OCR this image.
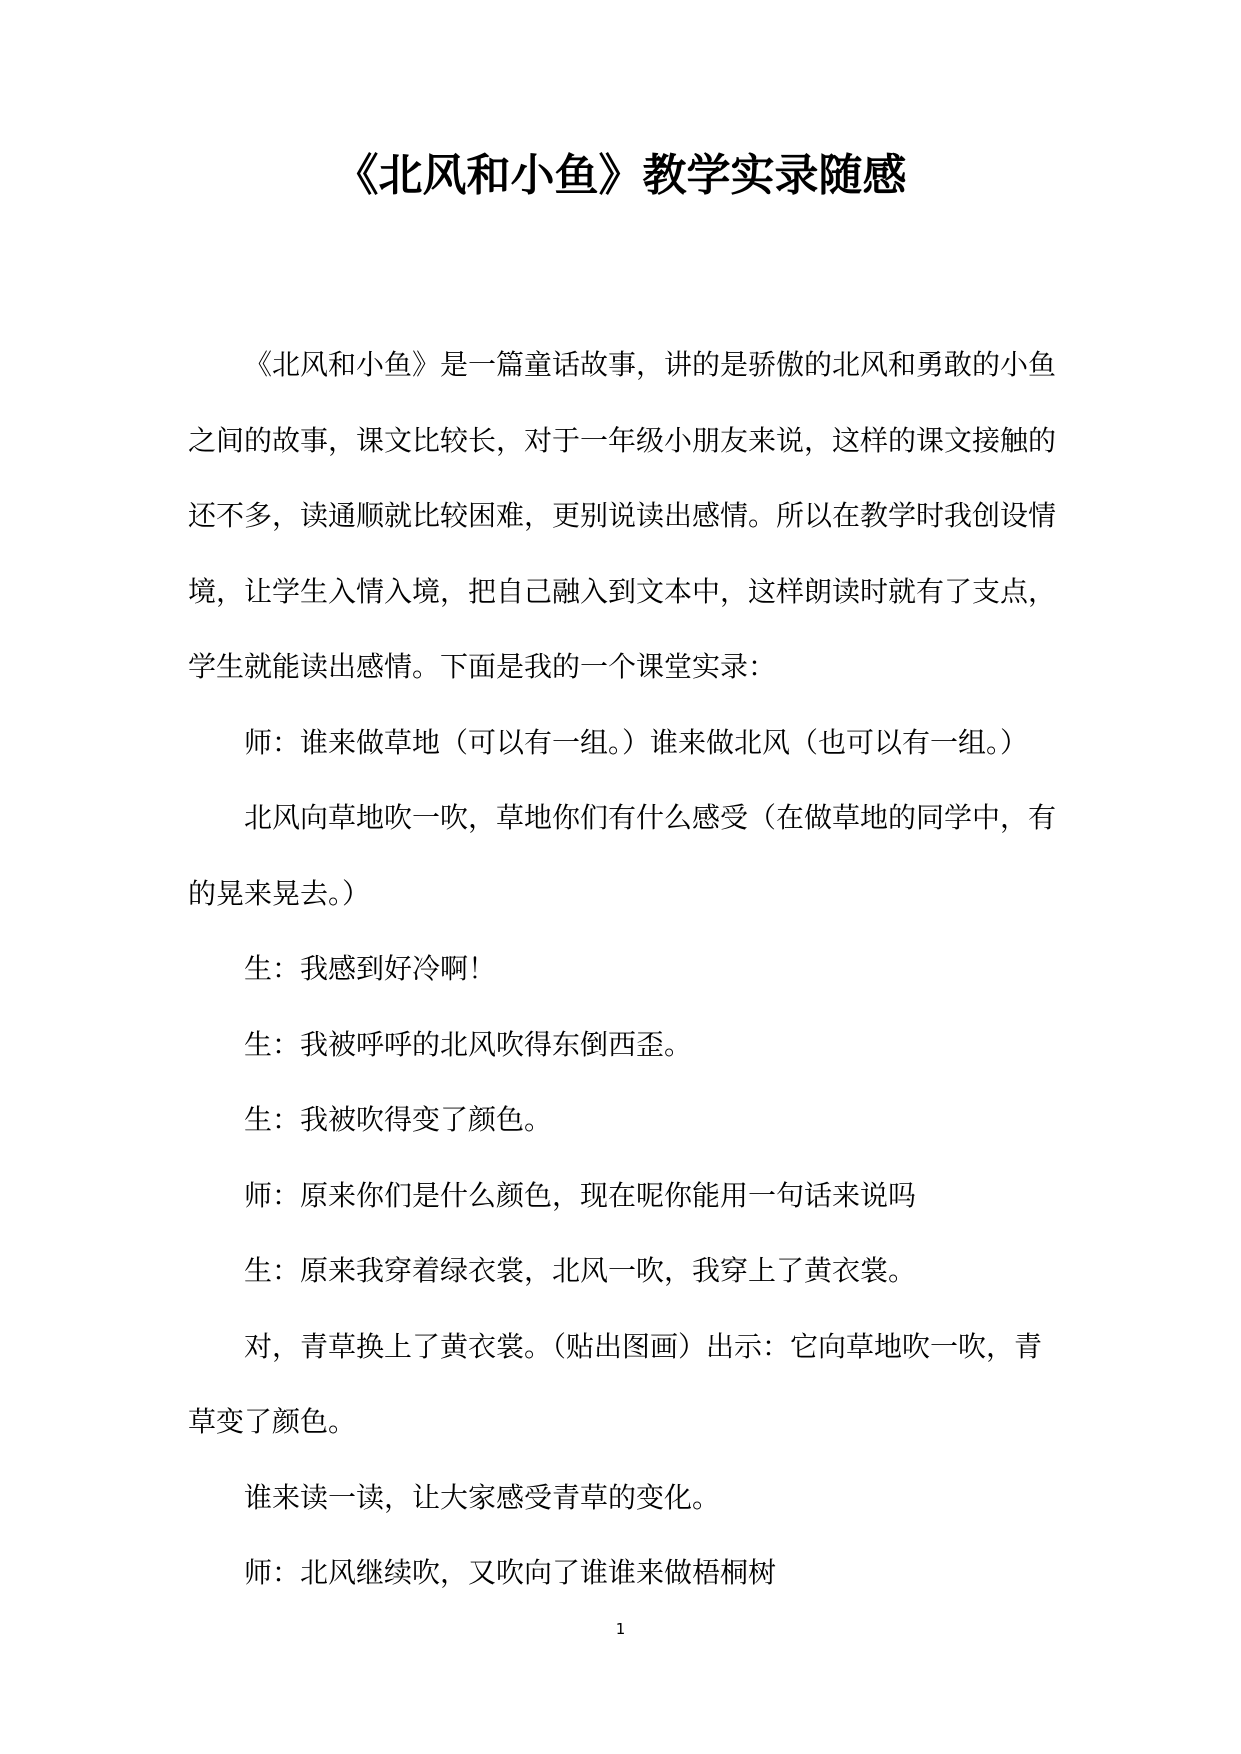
《北风和小鱼》教学实录随感

《北风和小鱼》是一篇童话故事，讲的是骄傲的北风和勇敢的小鱼之间的故事，课文比较长，对于一年级小朋友来说，这样的课文接触的还不多，读通顺就比较困难，更别说读出感情。所以在教学时我创设情境，让学生入情入境，把自己融入到文本中，这样朗读时就有了支点，学生就能读出感情。下面是我的一个课堂实录：

师：谁来做草地（可以有一组。）谁来做北风（也可以有一组。）

北风向草地吹一吹，草地你们有什么感受（在做草地的同学中，有的晃来晃去。）

生：我感到好冷啊！

生：我被呼呼的北风吹得东倒西歪。

生：我被吹得变了颜色。

师：原来你们是什么颜色，现在呢你能用一句话来说吗

生：原来我穿着绿衣裳，北风一吹，我穿上了黄衣裳。

对，青草换上了黄衣裳。（贴出图画）出示：它向草地吹一吹，青草变了颜色。

谁来读一读，让大家感受青草的变化。

师：北风继续吹，又吹向了谁谁来做梧桐树

1
